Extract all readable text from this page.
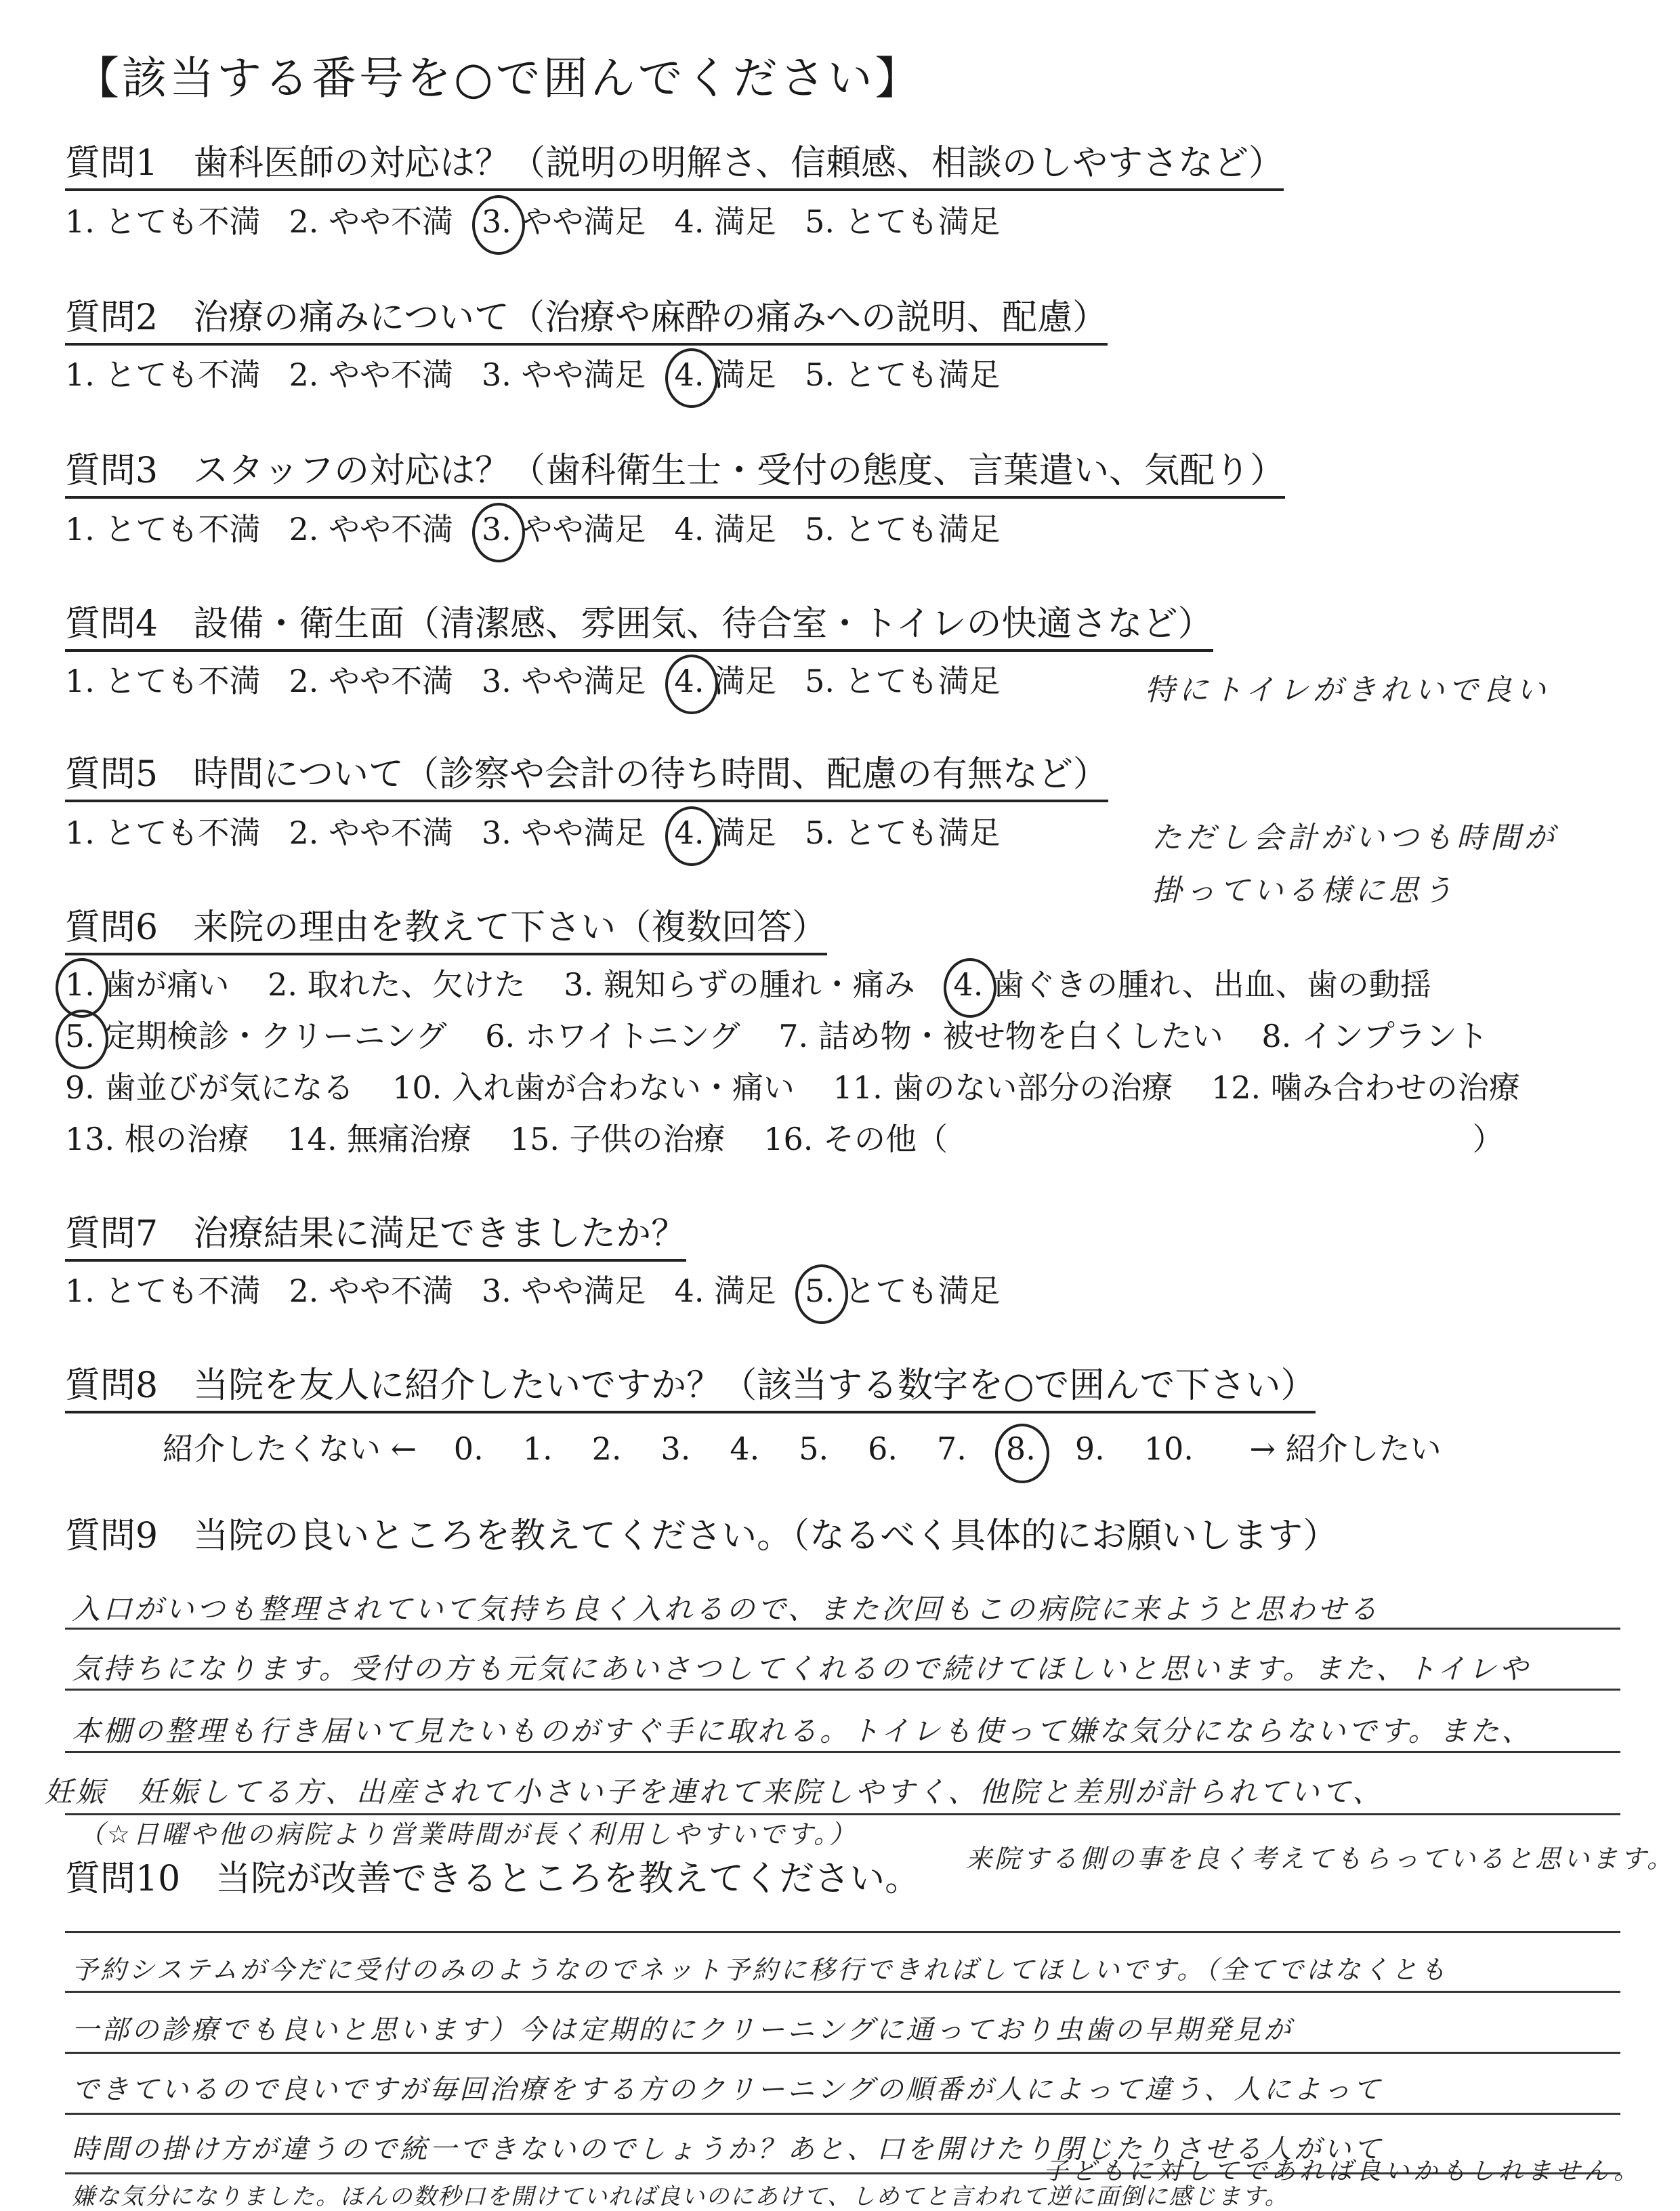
【該当する番号を○で囲んでください】
質問1　歯科医師の対応は？（説明の明解さ、信頼感、相談のしやすさなど）
1. とても不満 2. やや不満 3. やや満足 4. 満足 5. とても満足
質問2　治療の痛みについて（治療や麻酔の痛みへの説明、配慮）
1. とても不満 2. やや不満 3. やや満足 4. 満足 5. とても満足
質問3　スタッフの対応は？（歯科衛生士・受付の態度、言葉遣い、気配り）
1. とても不満 2. やや不満 3. やや満足 4. 満足 5. とても満足
質問4　設備・衛生面（清潔感、雰囲気、待合室・トイレの快適さなど）
1. とても不満 2. やや不満 3. やや満足 4. 満足 5. とても満足	特にトイレがきれいで良い
質問5　時間について（診察や会計の待ち時間、配慮の有無など）
1. とても不満 2. やや不満 3. やや満足 4. 満足 5. とても満足	ただし会計がいつも時間が
掛っている様に思う
質問6　来院の理由を教えて下さい（複数回答）
1. 歯が痛い 2. 取れた、欠けた 3. 親知らずの腫れ・痛み 4. 歯ぐきの腫れ、出血、歯の動揺
5. 定期検診・クリーニング 6. ホワイトニング 7. 詰め物・被せ物を白くしたい 8. インプラント
9. 歯並びが気になる 10. 入れ歯が合わない・痛い 11. 歯のない部分の治療 12. 噛み合わせの治療
13. 根の治療 14. 無痛治療 15. 子供の治療 16. その他（	）
質問7　治療結果に満足できましたか？
1. とても不満 2. やや不満 3. やや満足 4. 満足 5. とても満足
質問8　当院を友人に紹介したいですか？（該当する数字を○で囲んで下さい）
紹介したくない ← 0. 1. 2. 3. 4. 5. 6. 7. 8. 9. 10. → 紹介したい
質問9　当院の良いところを教えてください。（なるべく具体的にお願いします）
入口がいつも整理されていて気持ち良く入れるので、また次回もこの病院に来ようと思わせる
気持ちになります。受付の方も元気にあいさつしてくれるので続けてほしいと思います。また、トイレや
本棚の整理も行き届いて見たいものがすぐ手に取れる。トイレも使って嫌な気分にならないです。また、
妊娠　妊娠してる方、出産されて小さい子を連れて来院しやすく、他院と差別が計られていて、
（☆日曜や他の病院より営業時間が長く利用しやすいです。）
来院する側の事を良く考えてもらっていると思います。
質問10　当院が改善できるところを教えてください。
予約システムが今だに受付のみのようなのでネット予約に移行できればしてほしいです。（全てではなくとも
一部の診療でも良いと思います）今は定期的にクリーニングに通っており虫歯の早期発見が
できているので良いですが毎回治療をする方のクリーニングの順番が人によって違う、人によって
時間の掛け方が違うので統一できないのでしょうか？あと、口を開けたり閉じたりさせる人がいて
嫌な気分になりました。ほんの数秒口を開けていれば良いのにあけて、しめてと言われて逆に面倒に感じます。
子どもに対してであれば良いかもしれません。
